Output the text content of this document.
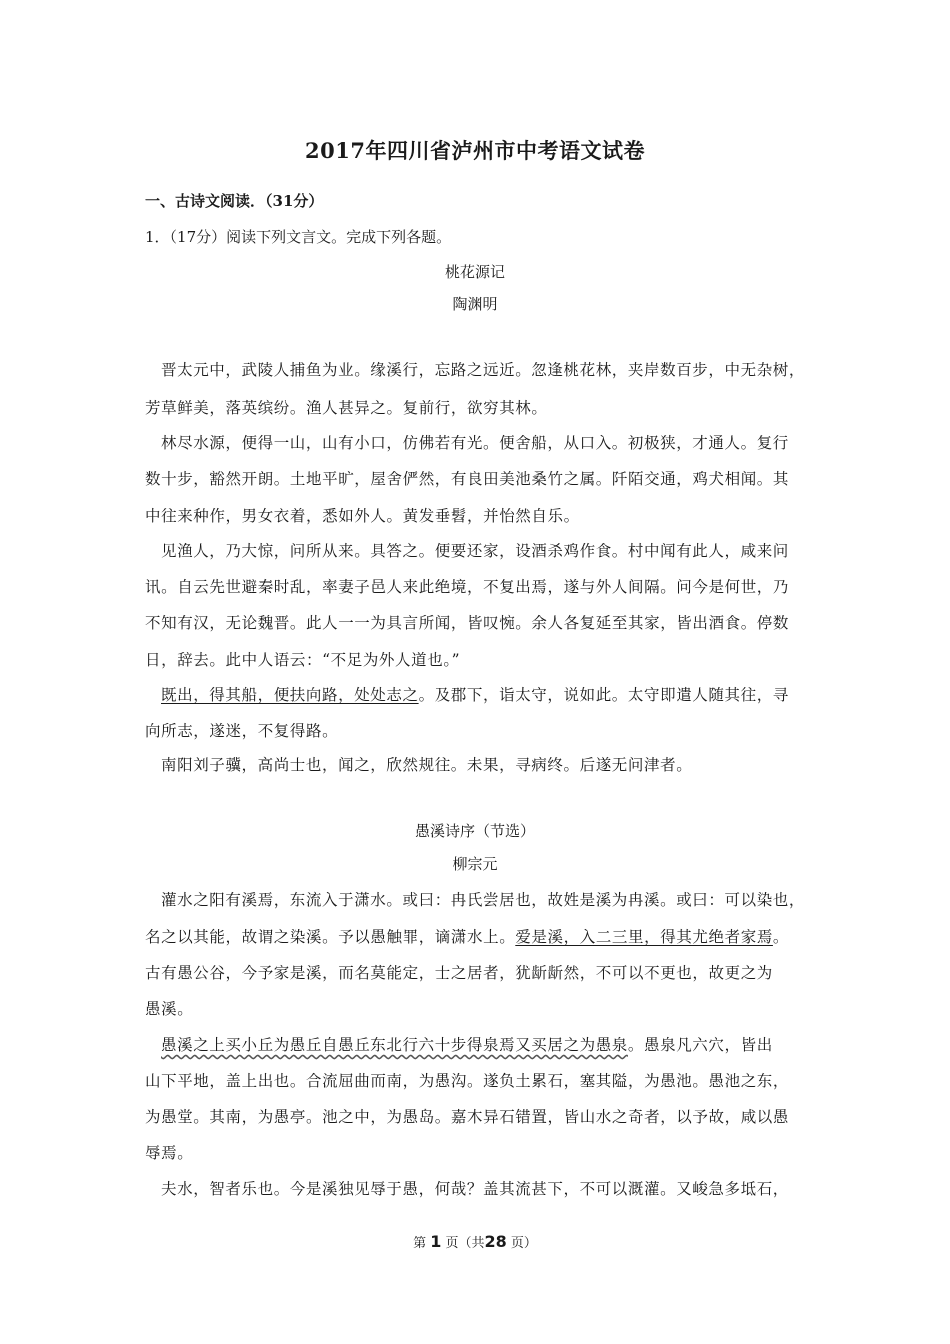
2017年四川省泸州市中考语文试卷
一、古诗文阅读．（31分）
1．（17分）阅读下列文言文。完成下列各题。
桃花源记
陶渊明
晋太元中，武陵人捕鱼为业。缘溪行，忘路之远近。忽逢桃花林，夹岸数百步，中无杂树，
芳草鲜美，落英缤纷。渔人甚异之。复前行，欲穷其林。
林尽水源，便得一山，山有小口，仿佛若有光。便舍船，从口入。初极狭，才通人。复行
数十步，豁然开朗。土地平旷，屋舍俨然，有良田美池桑竹之属。阡陌交通，鸡犬相闻。其
中往来种作，男女衣着，悉如外人。黄发垂髫，并怡然自乐。
见渔人，乃大惊，问所从来。具答之。便要还家，设酒杀鸡作食。村中闻有此人，咸来问
讯。自云先世避秦时乱，率妻子邑人来此绝境，不复出焉，遂与外人间隔。问今是何世，乃
不知有汉，无论魏晋。此人一一为具言所闻，皆叹惋。余人各复延至其家，皆出酒食。停数
日，辞去。此中人语云：“不足为外人道也。”
既出，得其船，便扶向路，处处志之。及郡下，诣太守，说如此。太守即遣人随其往，寻
向所志，遂迷，不复得路。
南阳刘子骥，高尚士也，闻之，欣然规往。未果，寻病终。后遂无问津者。
愚溪诗序（节选）
柳宗元
灌水之阳有溪焉，东流入于潇水。或曰：冉氏尝居也，故姓是溪为冉溪。或曰：可以染也，
名之以其能，故谓之染溪。予以愚触罪，谪潇水上。爱是溪，入二三里，得其尤绝者家焉。
古有愚公谷，今予家是溪，而名莫能定，士之居者，犹龂龂然，不可以不更也，故更之为
愚溪。
愚溪之上买小丘为愚丘自愚丘东北行六十步得泉焉又买居之为愚泉。愚泉凡六穴，皆出
山下平地，盖上出也。合流屈曲而南，为愚沟。遂负土累石，塞其隘，为愚池。愚池之东，
为愚堂。其南，为愚亭。池之中，为愚岛。嘉木异石错置，皆山水之奇者，以予故，咸以愚
辱焉。
夫水，智者乐也。今是溪独见辱于愚，何哉？盖其流甚下，不可以溉灌。又峻急多坻石，
第 1 页（共28 页）
